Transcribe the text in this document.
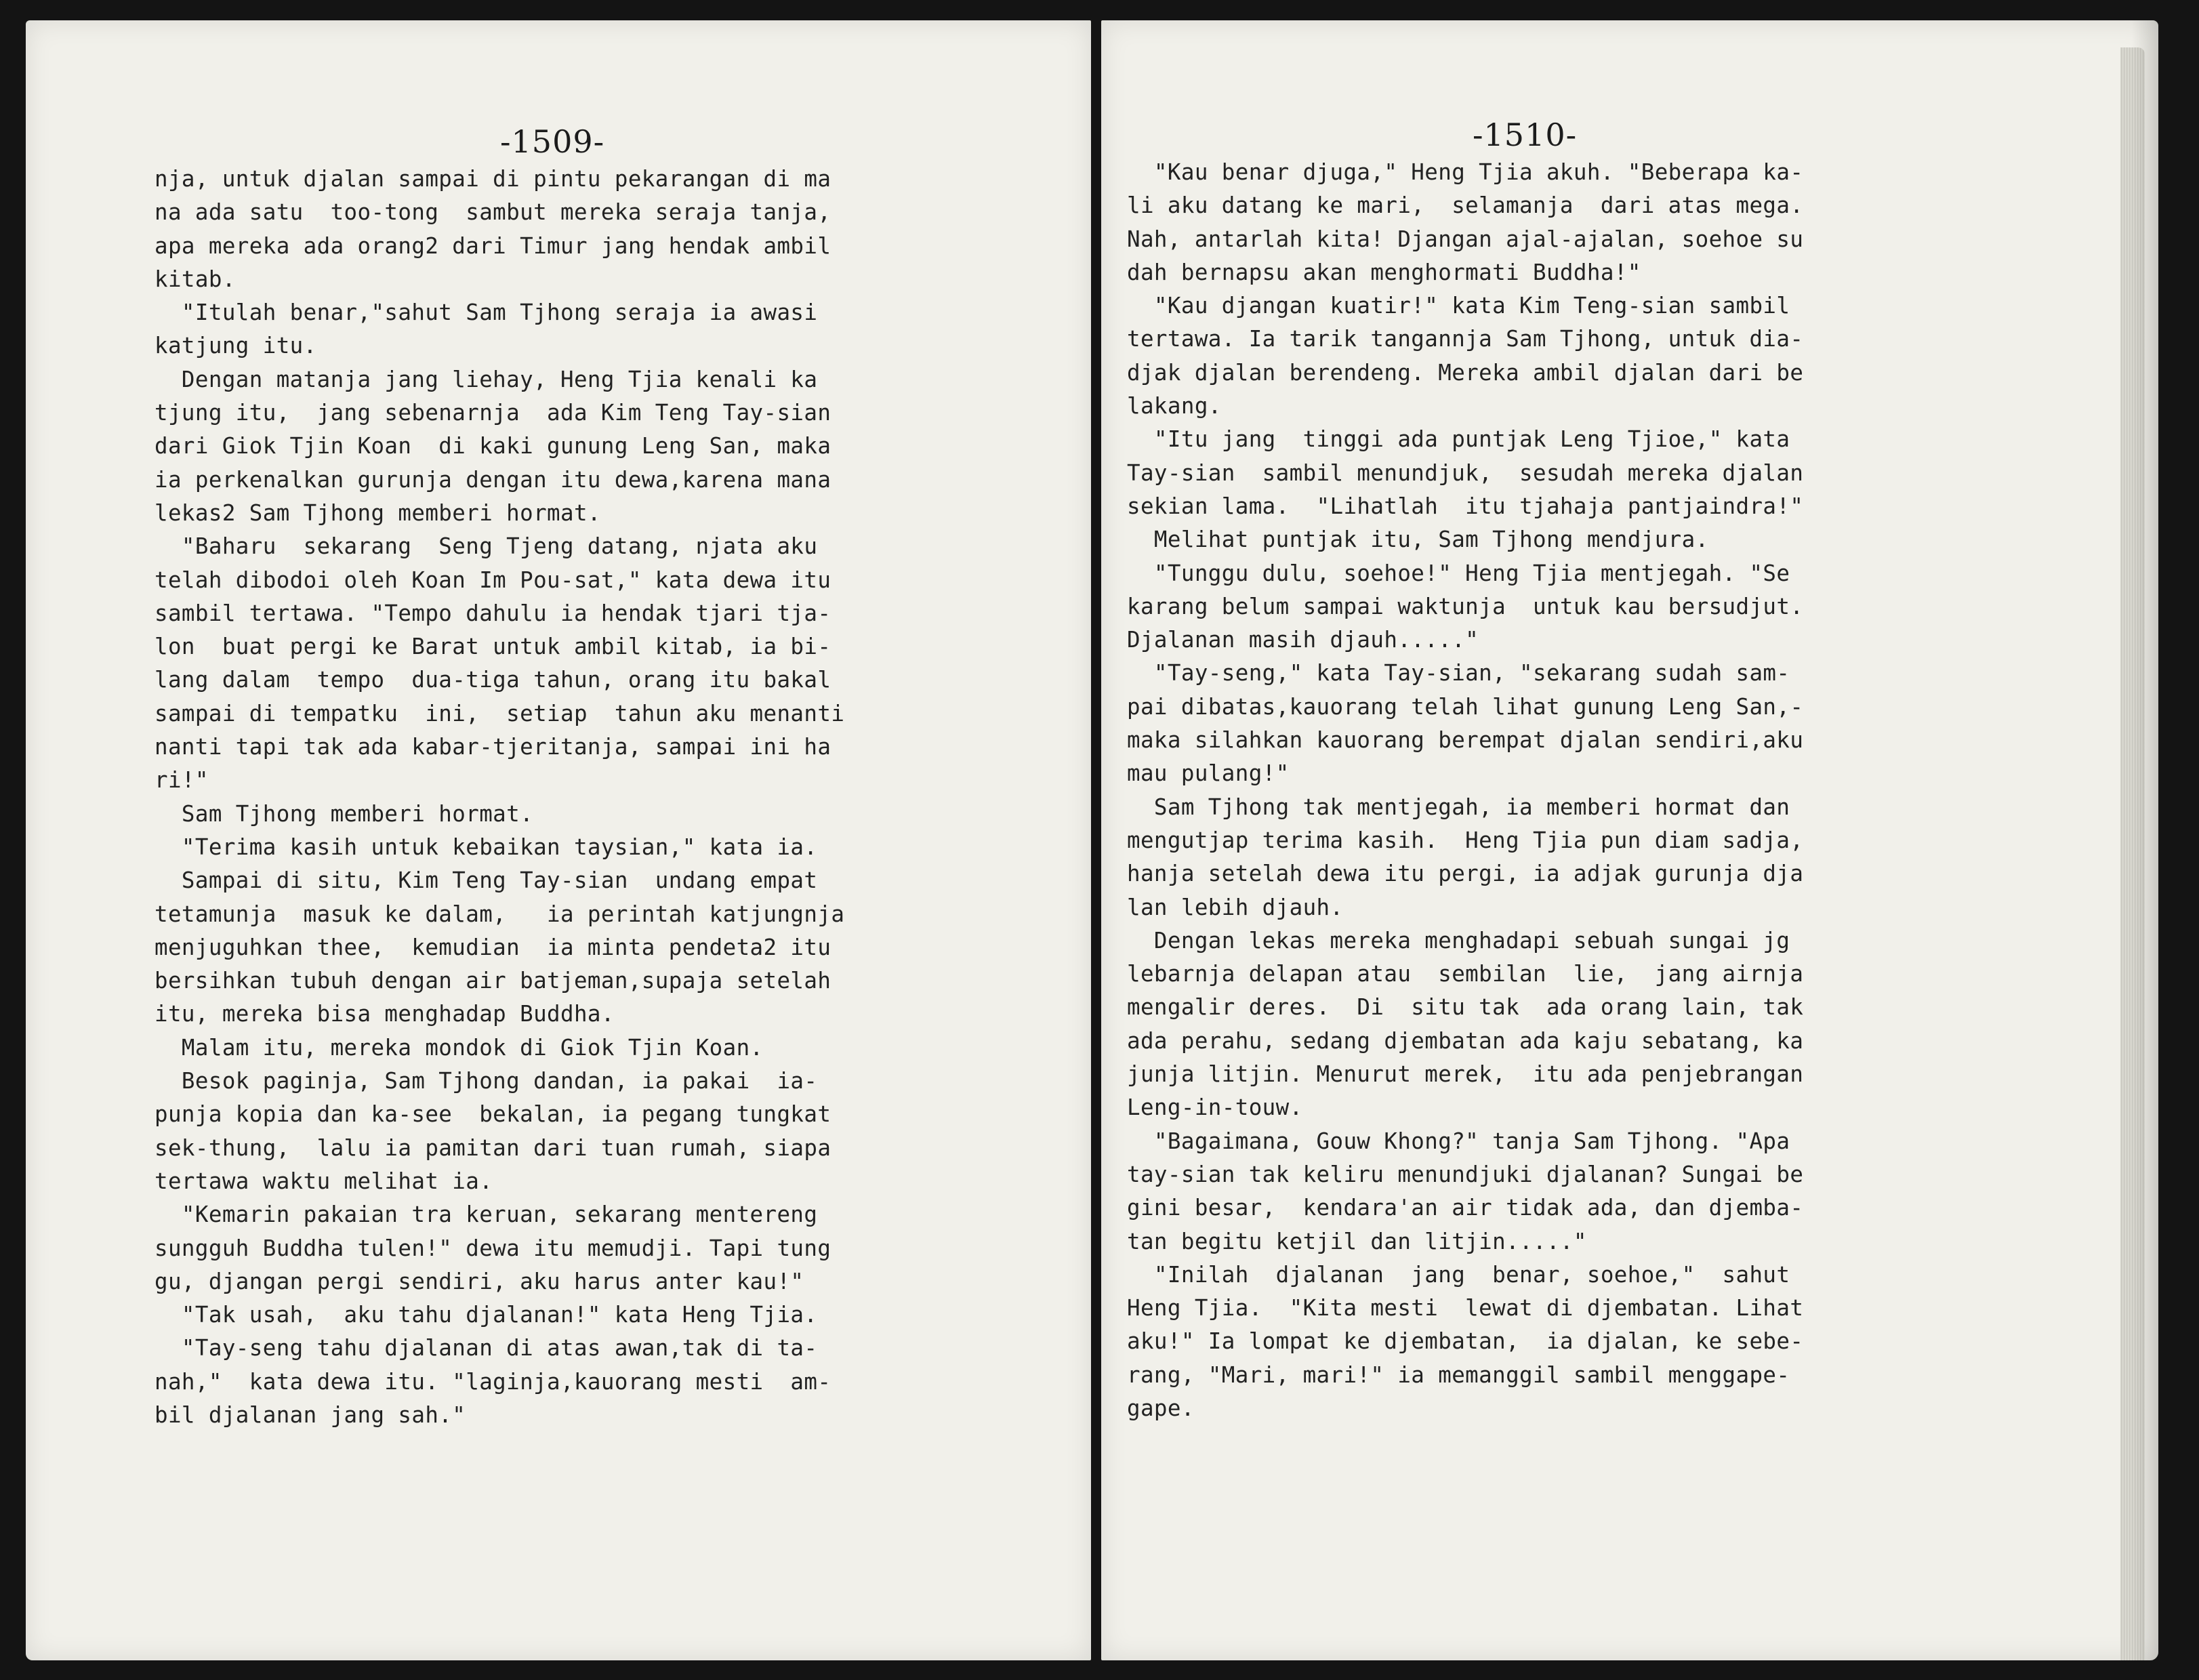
-1509-
nja, untuk djalan sampai di pintu pekarangan di ma
na ada satu  too-tong  sambut mereka seraja tanja,
apa mereka ada orang2 dari Timur jang hendak ambil
kitab.
"Itulah benar,"sahut Sam Tjhong seraja ia awasi
katjung itu.
Dengan matanja jang liehay, Heng Tjia kenali ka
tjung itu,  jang sebenarnja  ada Kim Teng Tay-sian
dari Giok Tjin Koan  di kaki gunung Leng San, maka
ia perkenalkan gurunja dengan itu dewa,karena mana
lekas2 Sam Tjhong memberi hormat.
"Baharu  sekarang  Seng Tjeng datang, njata aku
telah dibodoi oleh Koan Im Pou-sat," kata dewa itu
sambil tertawa. "Tempo dahulu ia hendak tjari tja-
lon  buat pergi ke Barat untuk ambil kitab, ia bi-
lang dalam  tempo  dua-tiga tahun, orang itu bakal
sampai di tempatku  ini,  setiap  tahun aku menanti
nanti tapi tak ada kabar-tjeritanja, sampai ini ha
ri!"
Sam Tjhong memberi hormat.
"Terima kasih untuk kebaikan taysian," kata ia.
Sampai di situ, Kim Teng Tay-sian  undang empat
tetamunja  masuk ke dalam,   ia perintah katjungnja
menjuguhkan thee,  kemudian  ia minta pendeta2 itu
bersihkan tubuh dengan air batjeman,supaja setelah
itu, mereka bisa menghadap Buddha.
Malam itu, mereka mondok di Giok Tjin Koan.
Besok paginja, Sam Tjhong dandan, ia pakai  ia-
punja kopia dan ka-see  bekalan, ia pegang tungkat
sek-thung,  lalu ia pamitan dari tuan rumah, siapa
tertawa waktu melihat ia.
"Kemarin pakaian tra keruan, sekarang mentereng
sungguh Buddha tulen!" dewa itu memudji. Tapi tung
gu, djangan pergi sendiri, aku harus anter kau!"
"Tak usah,  aku tahu djalanan!" kata Heng Tjia.
"Tay-seng tahu djalanan di atas awan,tak di ta-
nah,"  kata dewa itu. "laginja,kauorang mesti  am-
bil djalanan jang sah."
-1510-
"Kau benar djuga," Heng Tjia akuh. "Beberapa ka-
li aku datang ke mari,  selamanja  dari atas mega.
Nah, antarlah kita! Djangan ajal-ajalan, soehoe su
dah bernapsu akan menghormati Buddha!"
"Kau djangan kuatir!" kata Kim Teng-sian sambil
tertawa. Ia tarik tangannja Sam Tjhong, untuk dia-
djak djalan berendeng. Mereka ambil djalan dari be
lakang.
"Itu jang  tinggi ada puntjak Leng Tjioe," kata
Tay-sian  sambil menundjuk,  sesudah mereka djalan
sekian lama.  "Lihatlah  itu tjahaja pantjaindra!"
Melihat puntjak itu, Sam Tjhong mendjura.
"Tunggu dulu, soehoe!" Heng Tjia mentjegah. "Se
karang belum sampai waktunja  untuk kau bersudjut.
Djalanan masih djauh....."
"Tay-seng," kata Tay-sian, "sekarang sudah sam-
pai dibatas,kauorang telah lihat gunung Leng San,-
maka silahkan kauorang berempat djalan sendiri,aku
mau pulang!"
Sam Tjhong tak mentjegah, ia memberi hormat dan
mengutjap terima kasih.  Heng Tjia pun diam sadja,
hanja setelah dewa itu pergi, ia adjak gurunja dja
lan lebih djauh.
Dengan lekas mereka menghadapi sebuah sungai jg
lebarnja delapan atau  sembilan  lie,  jang airnja
mengalir deres.  Di  situ tak  ada orang lain, tak
ada perahu, sedang djembatan ada kaju sebatang, ka
junja litjin. Menurut merek,  itu ada penjebrangan
Leng-in-touw.
"Bagaimana, Gouw Khong?" tanja Sam Tjhong. "Apa
tay-sian tak keliru menundjuki djalanan? Sungai be
gini besar,  kendara'an air tidak ada, dan djemba-
tan begitu ketjil dan litjin....."
"Inilah  djalanan  jang  benar, soehoe,"  sahut
Heng Tjia.  "Kita mesti  lewat di djembatan. Lihat
aku!" Ia lompat ke djembatan,  ia djalan, ke sebe-
rang, "Mari, mari!" ia memanggil sambil menggape-
gape.
